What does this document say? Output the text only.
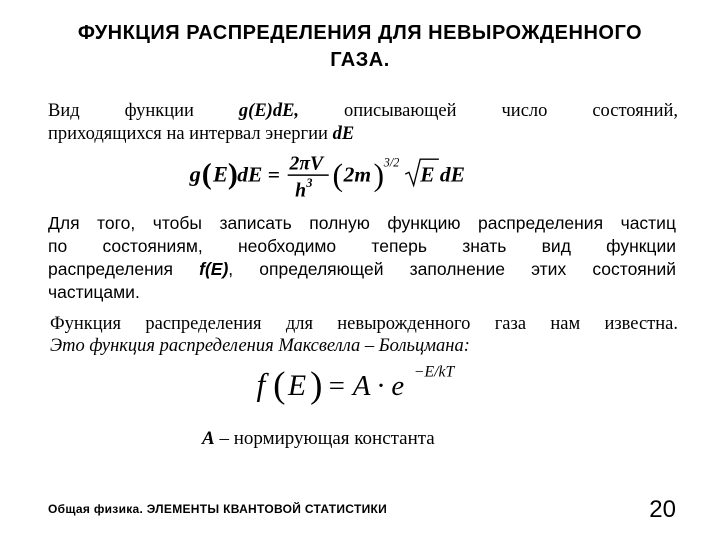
ФУНКЦИЯ РАСПРЕДЕЛЕНИЯ ДЛЯ НЕВЫРОЖДЕННОГО
ГАЗА.
Вид функции g(E)dE, описывающей число состояний,
приходящихся на интервал энергии dE
g ( E ) dE = 2πV
h 3 ( 2m ) 3/2 E dE
Для того, чтобы записать полную функцию распределения частиц
по состояниям, необходимо теперь знать вид функции
распределения f(E), определяющей заполнение этих состояний
частицами.
Функция распределения для невырожденного газа нам известна.
Это функция распределения Максвелла – Больцмана:
f ( E ) = A · e −E/kT
A – нормирующая константа
Общая физика. ЭЛЕМЕНТЫ КВАНТОВОЙ СТАТИСТИКИ	20
